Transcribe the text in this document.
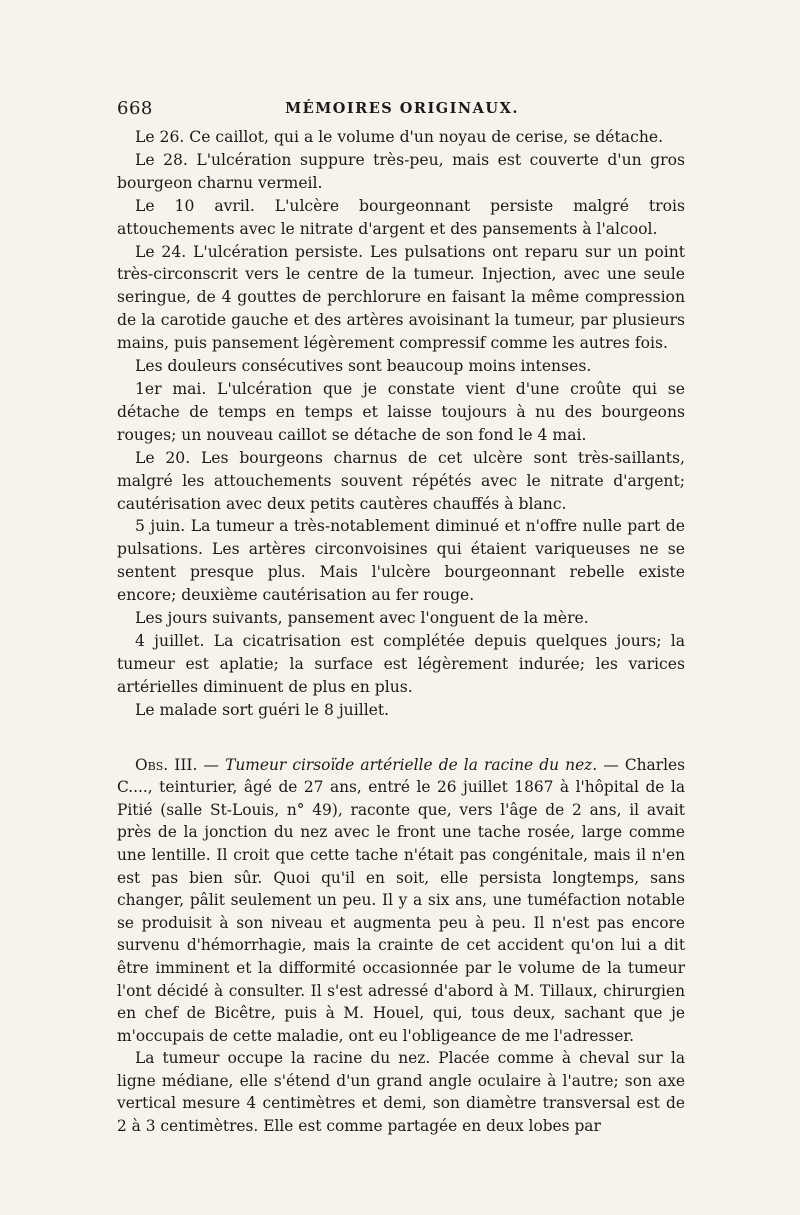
668	MÉMOIRES ORIGINAUX.

Le 26. Ce caillot, qui a le volume d'un noyau de cerise, se détache.

Le 28. L'ulcération suppure très-peu, mais est couverte d'un gros bourgeon charnu vermeil.

Le 10 avril. L'ulcère bourgeonnant persiste malgré trois attouchements avec le nitrate d'argent et des pansements à l'alcool.

Le 24. L'ulcération persiste. Les pulsations ont reparu sur un point très-circonscrit vers le centre de la tumeur. Injection, avec une seule seringue, de 4 gouttes de perchlorure en faisant la même compression de la carotide gauche et des artères avoisinant la tumeur, par plusieurs mains, puis pansement légèrement compressif comme les autres fois.

Les douleurs consécutives sont beaucoup moins intenses.

1er mai. L'ulcération que je constate vient d'une croûte qui se détache de temps en temps et laisse toujours à nu des bourgeons rouges; un nouveau caillot se détache de son fond le 4 mai.

Le 20. Les bourgeons charnus de cet ulcère sont très-saillants, malgré les attouchements souvent répétés avec le nitrate d'argent; cautérisation avec deux petits cautères chauffés à blanc.

5 juin. La tumeur a très-notablement diminué et n'offre nulle part de pulsations. Les artères circonvoisines qui étaient variqueuses ne se sentent presque plus. Mais l'ulcère bourgeonnant rebelle existe encore; deuxième cautérisation au fer rouge.

Les jours suivants, pansement avec l'onguent de la mère.

4 juillet. La cicatrisation est complétée depuis quelques jours; la tumeur est aplatie; la surface est légèrement indurée; les varices artérielles diminuent de plus en plus.

Le malade sort guéri le 8 juillet.

Obs. III. — Tumeur cirsoïde artérielle de la racine du nez. — Charles C...., teinturier, âgé de 27 ans, entré le 26 juillet 1867 à l'hôpital de la Pitié (salle St-Louis, n° 49), raconte que, vers l'âge de 2 ans, il avait près de la jonction du nez avec le front une tache rosée, large comme une lentille. Il croit que cette tache n'était pas congénitale, mais il n'en est pas bien sûr. Quoi qu'il en soit, elle persista longtemps, sans changer, pâlit seulement un peu. Il y a six ans, une tuméfaction notable se produisit à son niveau et augmenta peu à peu. Il n'est pas encore survenu d'hémorrhagie, mais la crainte de cet accident qu'on lui a dit être imminent et la difformité occasionnée par le volume de la tumeur l'ont décidé à consulter. Il s'est adressé d'abord à M. Tillaux, chirurgien en chef de Bicêtre, puis à M. Houel, qui, tous deux, sachant que je m'occupais de cette maladie, ont eu l'obligeance de me l'adresser.

La tumeur occupe la racine du nez. Placée comme à cheval sur la ligne médiane, elle s'étend d'un grand angle oculaire à l'autre; son axe vertical mesure 4 centimètres et demi, son diamètre transversal est de 2 à 3 centimètres. Elle est comme partagée en deux lobes par
